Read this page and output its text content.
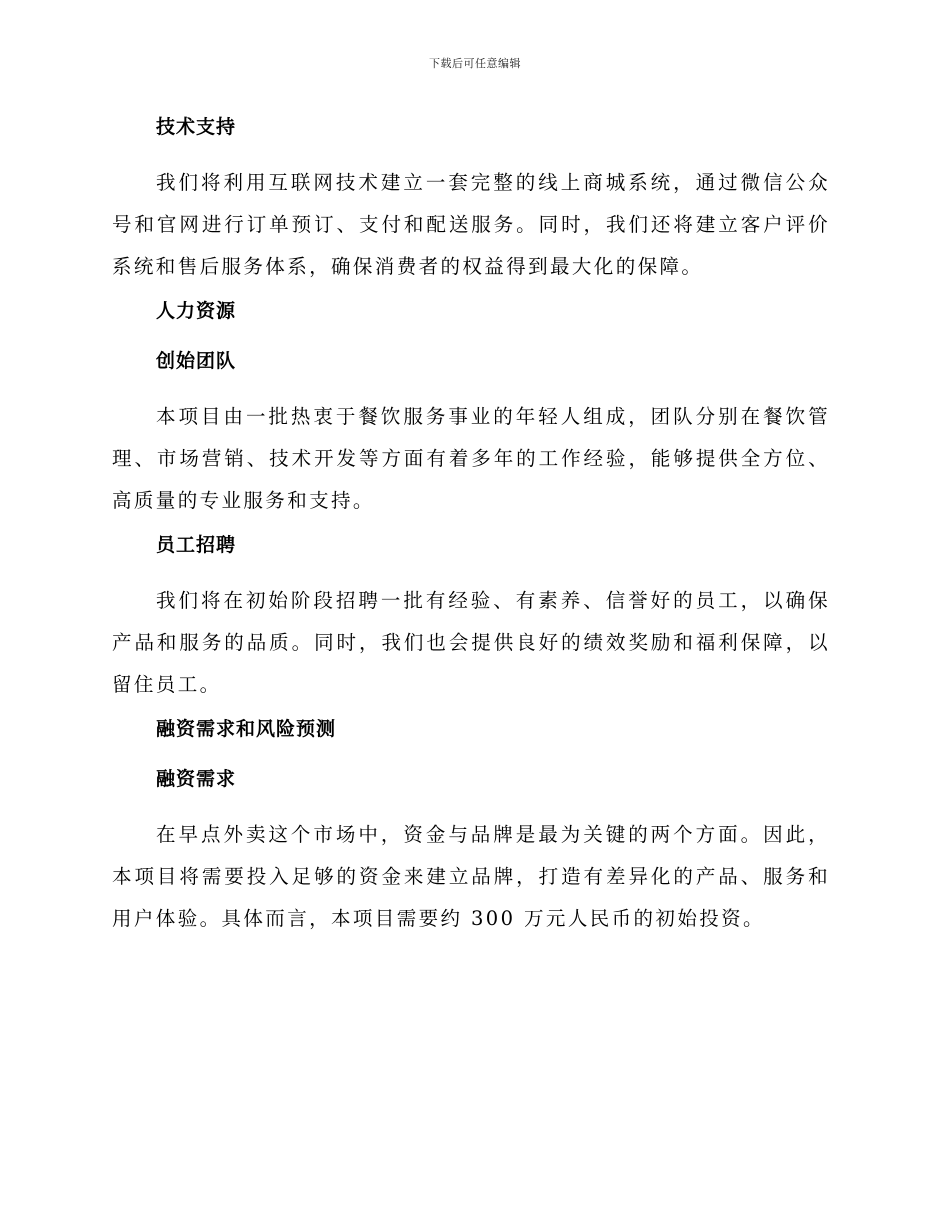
下载后可任意编辑
技术支持

我们将利用互联网技术建立一套完整的线上商城系统，通过微信公众号和官网进行订单预订、支付和配送服务。同时，我们还将建立客户评价系统和售后服务体系，确保消费者的权益得到最大化的保障。

人力资源
创始团队

本项目由一批热衷于餐饮服务事业的年轻人组成，团队分别在餐饮管理、市场营销、技术开发等方面有着多年的工作经验，能够提供全方位、高质量的专业服务和支持。

员工招聘

我们将在初始阶段招聘一批有经验、有素养、信誉好的员工，以确保产品和服务的品质。同时，我们也会提供良好的绩效奖励和福利保障，以留住员工。

融资需求和风险预测
融资需求

在早点外卖这个市场中，资金与品牌是最为关键的两个方面。因此，本项目将需要投入足够的资金来建立品牌，打造有差异化的产品、服务和用户体验。具体而言，本项目需要约 300 万元人民币的初始投资。
